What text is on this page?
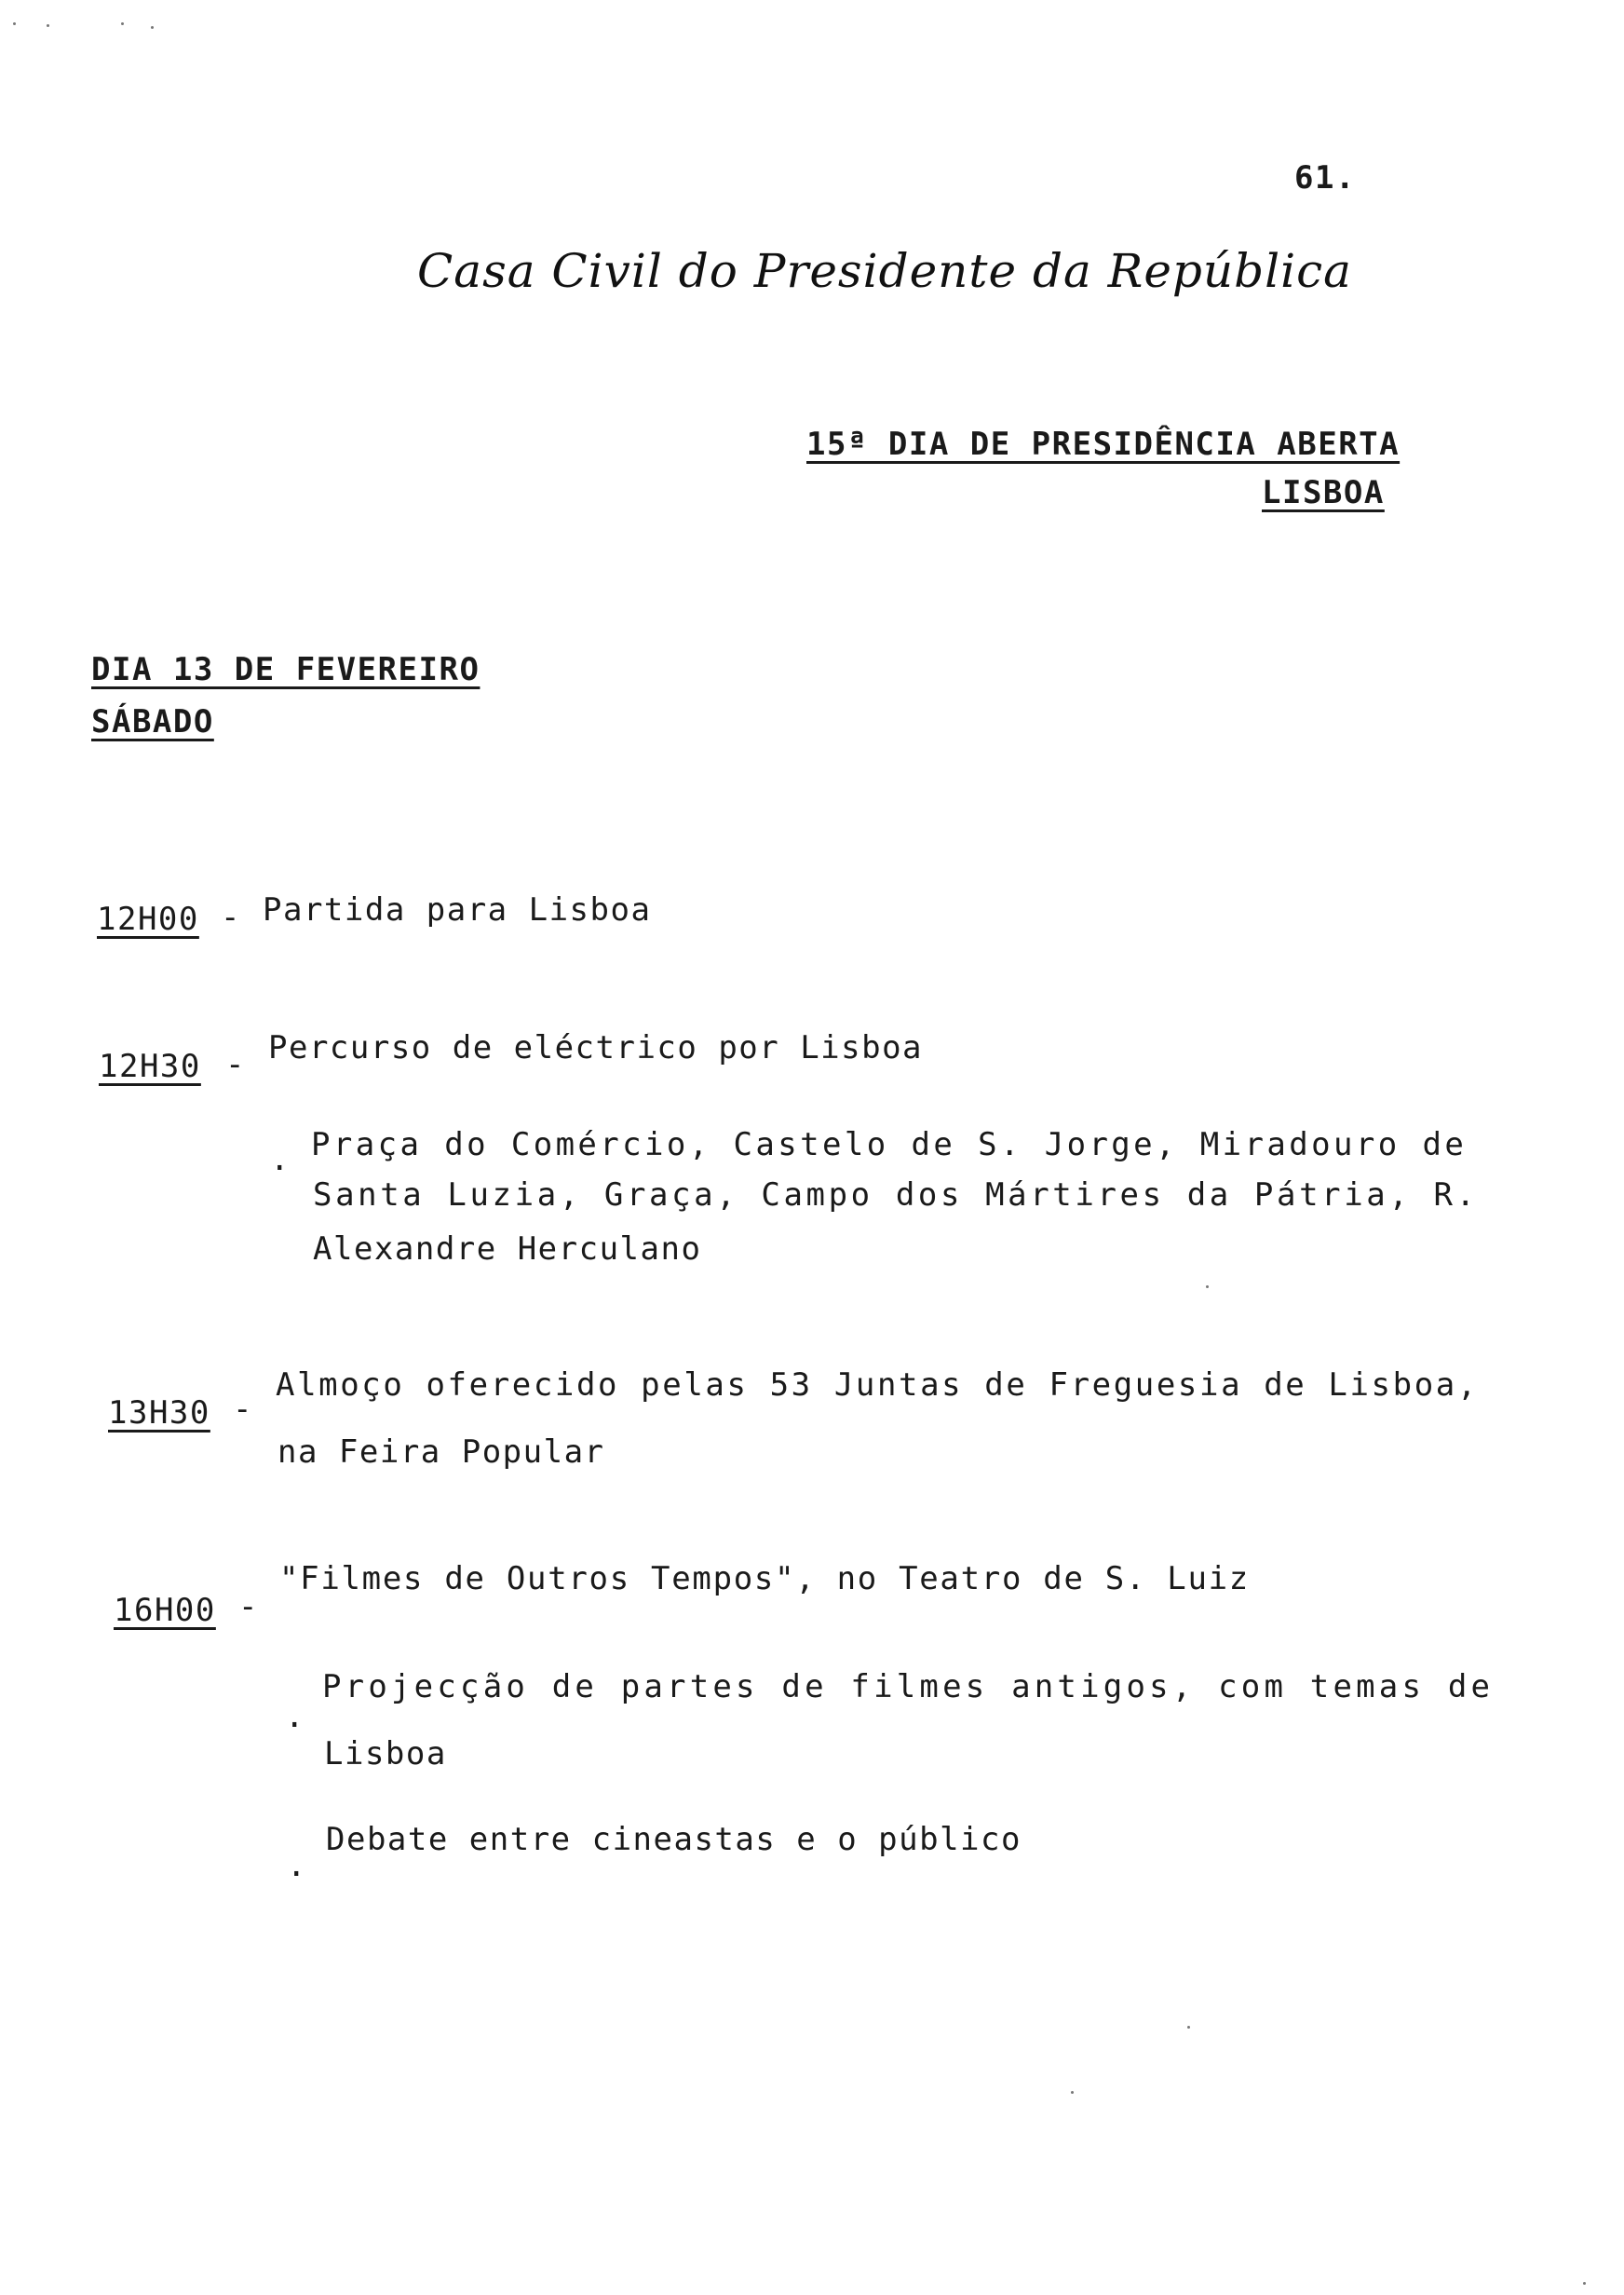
61.
Casa Civil do Presidente da República
15ª DIA DE PRESIDÊNCIA ABERTA
LISBOA
DIA 13 DE FEVEREIRO
SÁBADO
12H00 - Partida para Lisboa
12H30 - Percurso de eléctrico por Lisboa
. Praça do Comércio, Castelo de S. Jorge, Miradouro de
Santa Luzia, Graça, Campo dos Mártires da Pátria, R.
Alexandre Herculano
13H30 -
Almoço oferecido pelas 53 Juntas de Freguesia de Lisboa,
na Feira Popular
16H00 -
"Filmes de Outros Tempos", no Teatro de S. Luiz
.
Projecção de partes de filmes antigos, com temas de
Lisboa
.
Debate entre cineastas e o público
